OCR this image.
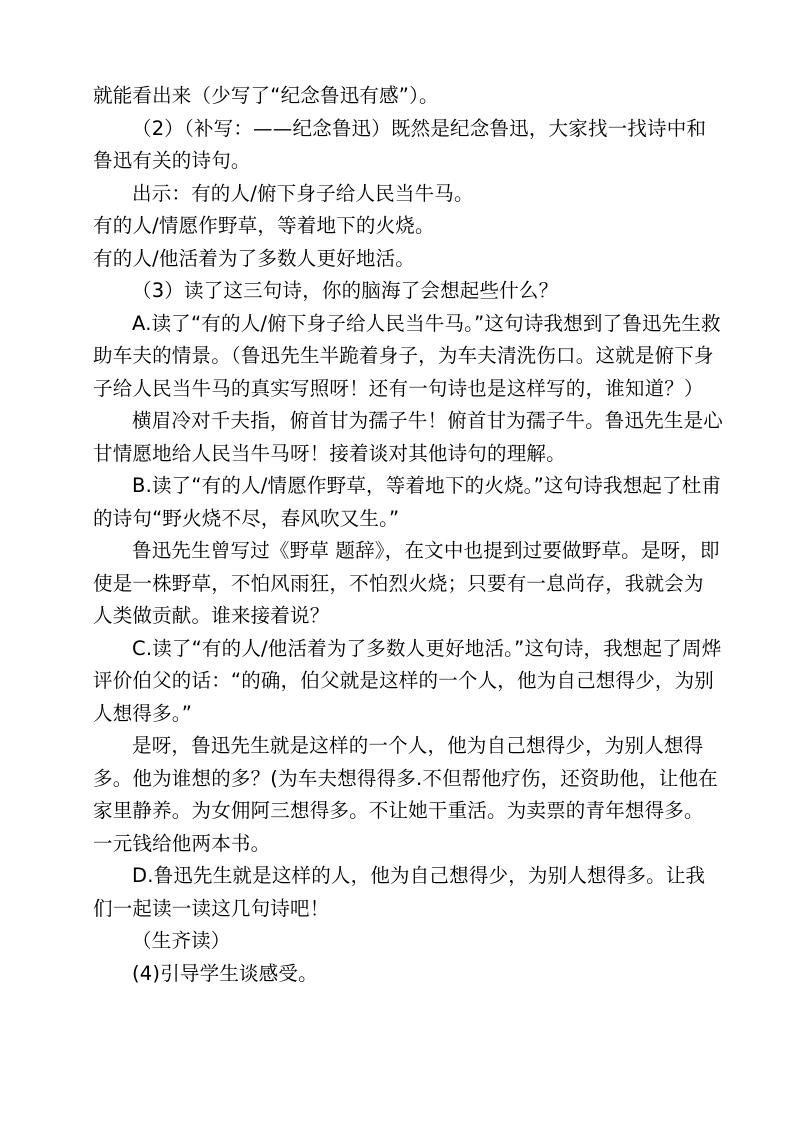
就能看出来（少写了“纪念鲁迅有感”）。

（2）（补写：——纪念鲁迅）既然是纪念鲁迅，大家找一找诗中和鲁迅有关的诗句。

出示：有的人/俯下身子给人民当牛马。

有的人/情愿作野草，等着地下的火烧。

有的人/他活着为了多数人更好地活。

（3）读了这三句诗，你的脑海了会想起些什么？

A.读了“有的人/俯下身子给人民当牛马。”这句诗我想到了鲁迅先生救助车夫的情景。（鲁迅先生半跪着身子，为车夫清洗伤口。这就是俯下身子给人民当牛马的真实写照呀！还有一句诗也是这样写的，谁知道？）

横眉冷对千夫指，俯首甘为孺子牛！俯首甘为孺子牛。鲁迅先生是心甘情愿地给人民当牛马呀！接着谈对其他诗句的理解。

B.读了“有的人/情愿作野草，等着地下的火烧。”这句诗我想起了杜甫的诗句“野火烧不尽，春风吹又生。”

鲁迅先生曾写过《野草 题辞》，在文中也提到过要做野草。是呀，即使是一株野草，不怕风雨狂，不怕烈火烧；只要有一息尚存，我就会为人类做贡献。谁来接着说？

C.读了“有的人/他活着为了多数人更好地活。”这句诗，我想起了周烨评价伯父的话：“的确，伯父就是这样的一个人，他为自己想得少，为别人想得多。”

是呀，鲁迅先生就是这样的一个人，他为自己想得少，为别人想得多。他为谁想的多？(为车夫想得得多.不但帮他疗伤，还资助他，让他在家里静养。为女佣阿三想得多。不让她干重活。为卖票的青年想得多。一元钱给他两本书。

D.鲁迅先生就是这样的人，他为自己想得少，为别人想得多。让我们一起读一读这几句诗吧！

（生齐读）

(4)引导学生谈感受。
